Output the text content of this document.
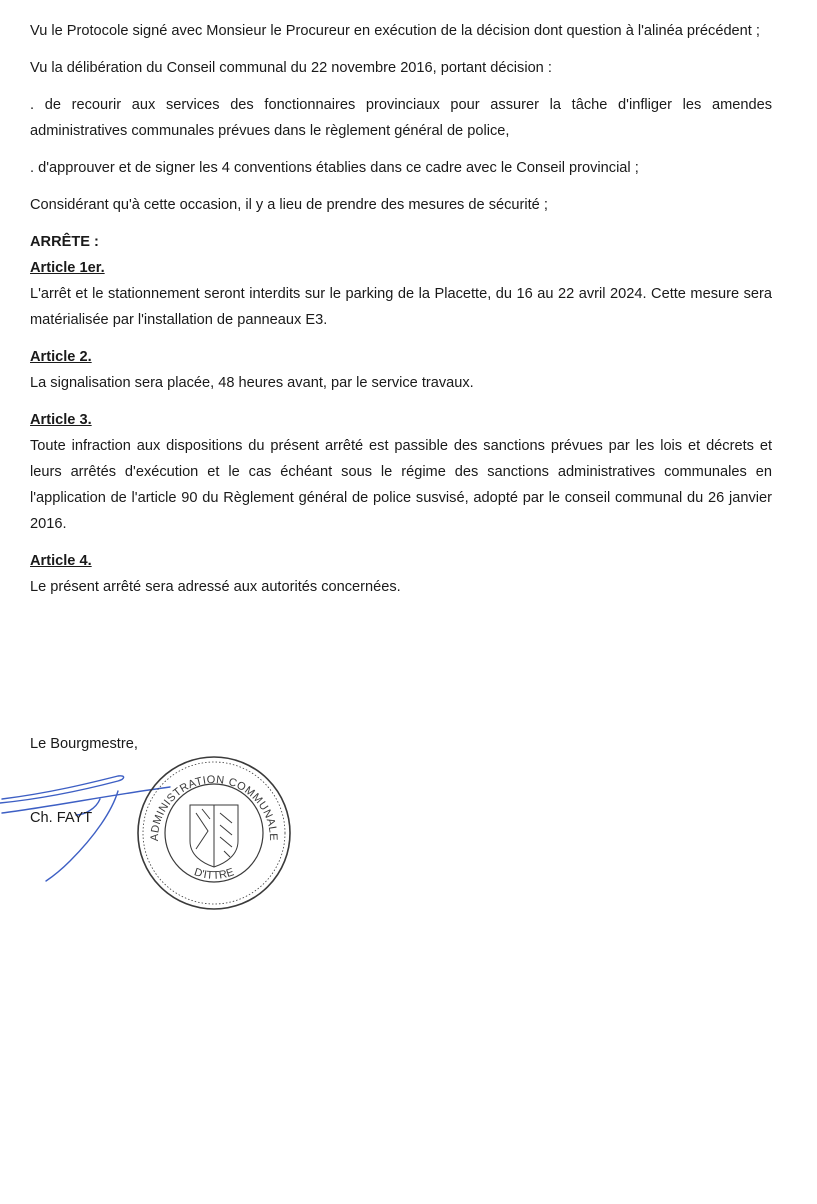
Vu le Protocole signé avec Monsieur le Procureur en exécution de la décision dont question à l'alinéa précédent ;

Vu la délibération du Conseil communal du 22 novembre 2016, portant décision :

. de recourir aux services des fonctionnaires provinciaux pour assurer la tâche d'infliger les amendes administratives communales prévues dans le règlement général de police,

. d'approuver et de signer les 4 conventions établies dans ce cadre avec le Conseil provincial ;

Considérant qu'à cette occasion, il y a lieu de prendre des mesures de sécurité ;

ARRÊTE :

Article 1er.

L'arrêt et le stationnement seront interdits sur le parking de la Placette, du 16 au 22 avril 2024. Cette mesure sera matérialisée par l'installation de panneaux E3.

Article 2.

La signalisation sera placée, 48 heures avant, par le service travaux.

Article 3.

Toute infraction aux dispositions du présent arrêté est passible des sanctions prévues par les lois et décrets et leurs arrêtés d'exécution et le cas échéant sous le régime des sanctions administratives communales en l'application de l'article 90 du Règlement général de police susvisé, adopté par le conseil communal du 26 janvier 2016.

Article 4.

Le présent arrêté sera adressé aux autorités concernées.

Le Bourgmestre,

Ch. FAYT

ADMINISTRATION COMMUNALE
D'ITTRE
